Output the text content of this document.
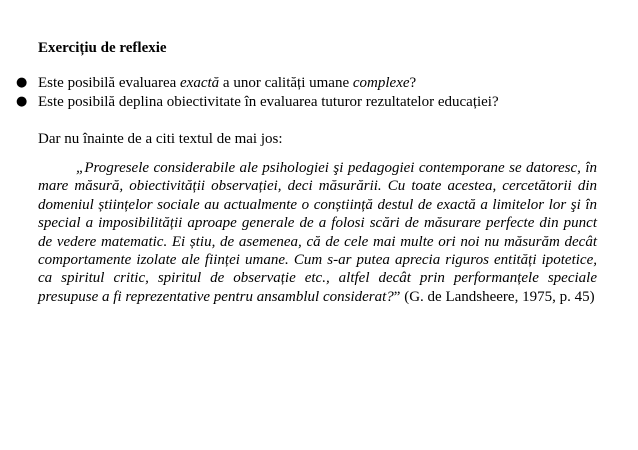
Exercițiu de reflexie
● Este posibilă evaluarea exactă a unor calități umane complexe?
● Este posibilă deplina obiectivitate în evaluarea tuturor rezultatelor educației?
Dar nu înainte de a citi textul de mai jos:

„Progresele considerabile ale psihologiei şi pedagogiei contemporane se datoresc, în mare măsură, obiectivității observației, deci măsurării. Cu toate acestea, cercetătorii din domeniul științelor sociale au actualmente o conștiință destul de exactă a limitelor lor şi în special a imposibilității aproape generale de a folosi scări de măsurare perfecte din punct de vedere matematic. Ei știu, de asemenea, că de cele mai multe ori noi nu măsurăm decât comportamente izolate ale ființei umane. Cum s-ar putea aprecia riguros entități ipotetice, ca spiritul critic, spiritul de observație etc., altfel decât prin performanțele speciale presupuse a fi reprezentative pentru ansamblul considerat?” (G. de Landsheere, 1975, p. 45)
